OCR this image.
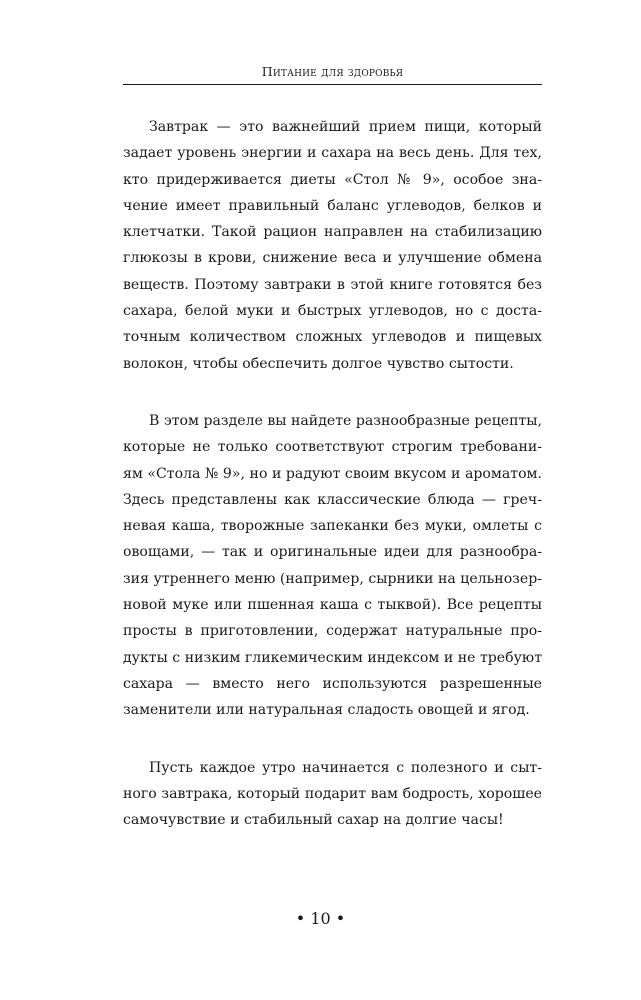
Питание для здоровья

Завтрак — это важнейший прием пищи, который задает уровень энергии и сахара на весь день. Для тех, кто придерживается диеты «Стол № 9», особое значение имеет правильный баланс углеводов, белков и клетчатки. Такой рацион направлен на стабилизацию глюкозы в крови, снижение веса и улучшение обмена веществ. Поэтому завтраки в этой книге готовятся без сахара, белой муки и быстрых углеводов, но с достаточным количеством сложных углеводов и пищевых волокон, чтобы обеспечить долгое чувство сытости.

В этом разделе вы найдете разнообразные рецепты, которые не только соответствуют строгим требованиям «Стола № 9», но и радуют своим вкусом и ароматом. Здесь представлены как классические блюда — гречневая каша, творожные запеканки без муки, омлеты с овощами, — так и оригинальные идеи для разнообразия утреннего меню (например, сырники на цельнозерновой муке или пшенная каша с тыквой). Все рецепты просты в приготовлении, содержат натуральные продукты с низким гликемическим индексом и не требуют сахара — вместо него используются разрешенные заменители или натуральная сладость овощей и ягод.

Пусть каждое утро начинается с полезного и сытного завтрака, который подарит вам бодрость, хорошее самочувствие и стабильный сахар на долгие часы!

• 10 •
